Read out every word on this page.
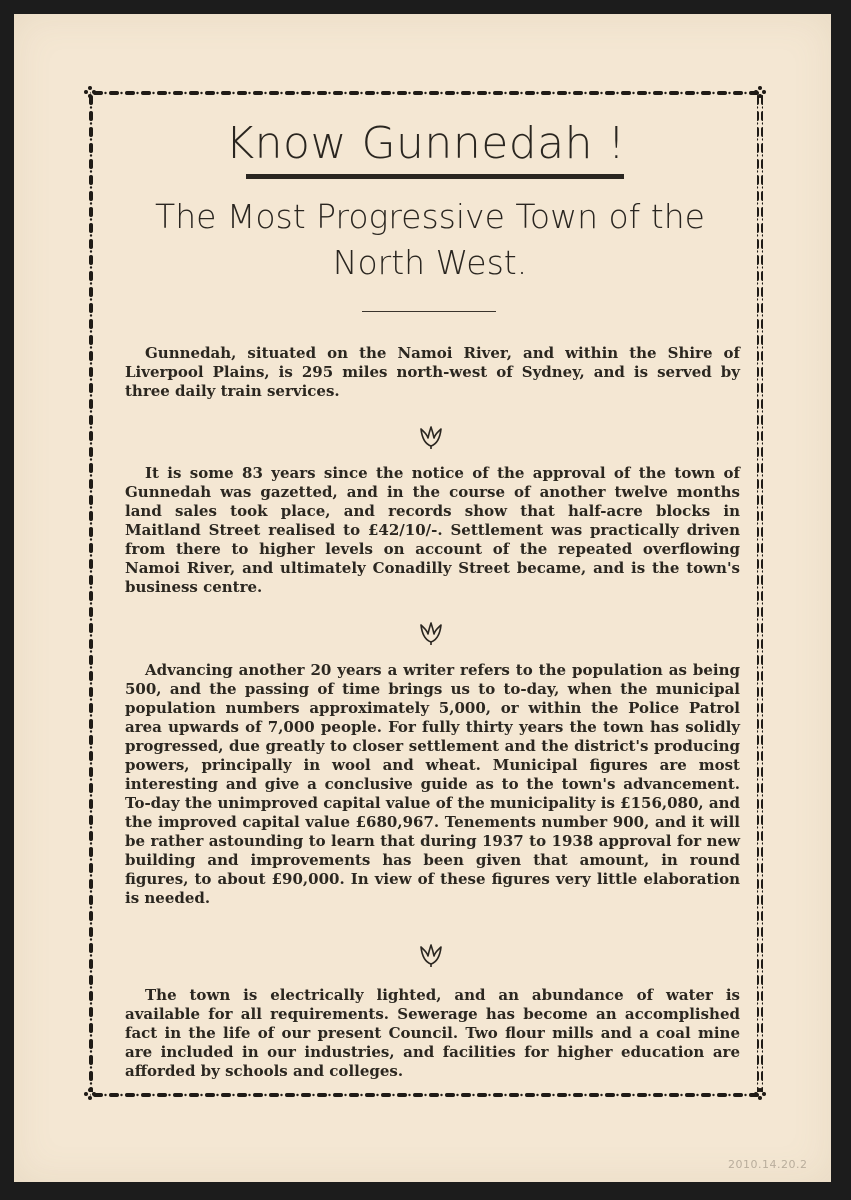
Know Gunnedah !
The Most Progressive Town of the North West.

Gunnedah, situated on the Namoi River, and within the Shire of Liverpool Plains, is 295 miles north-west of Sydney, and is served by three daily train services.

It is some 83 years since the notice of the approval of the town of Gunnedah was gazetted, and in the course of another twelve months land sales took place, and records show that half-acre blocks in Maitland Street realised to £42/10/-. Settlement was practically driven from there to higher levels on account of the repeated overflowing Namoi River, and ultimately Conadilly Street became, and is the town's business centre.

Advancing another 20 years a writer refers to the population as being 500, and the passing of time brings us to to-day, when the municipal population numbers approximately 5,000, or within the Police Patrol area upwards of 7,000 people. For fully thirty years the town has solidly progressed, due greatly to closer settlement and the district's producing powers, principally in wool and wheat. Municipal figures are most interesting and give a conclusive guide as to the town's advancement. To-day the unimproved capital value of the municipality is £156,080, and the improved capital value £680,967. Tenements number 900, and it will be rather astounding to learn that during 1937 to 1938 approval for new building and improvements has been given that amount, in round figures, to about £90,000. In view of these figures very little elaboration is needed.

The town is electrically lighted, and an abundance of water is available for all requirements. Sewerage has become an accomplished fact in the life of our present Council. Two flour mills and a coal mine are included in our industries, and facilities for higher education are afforded by schools and colleges.

2010.14.20.2
